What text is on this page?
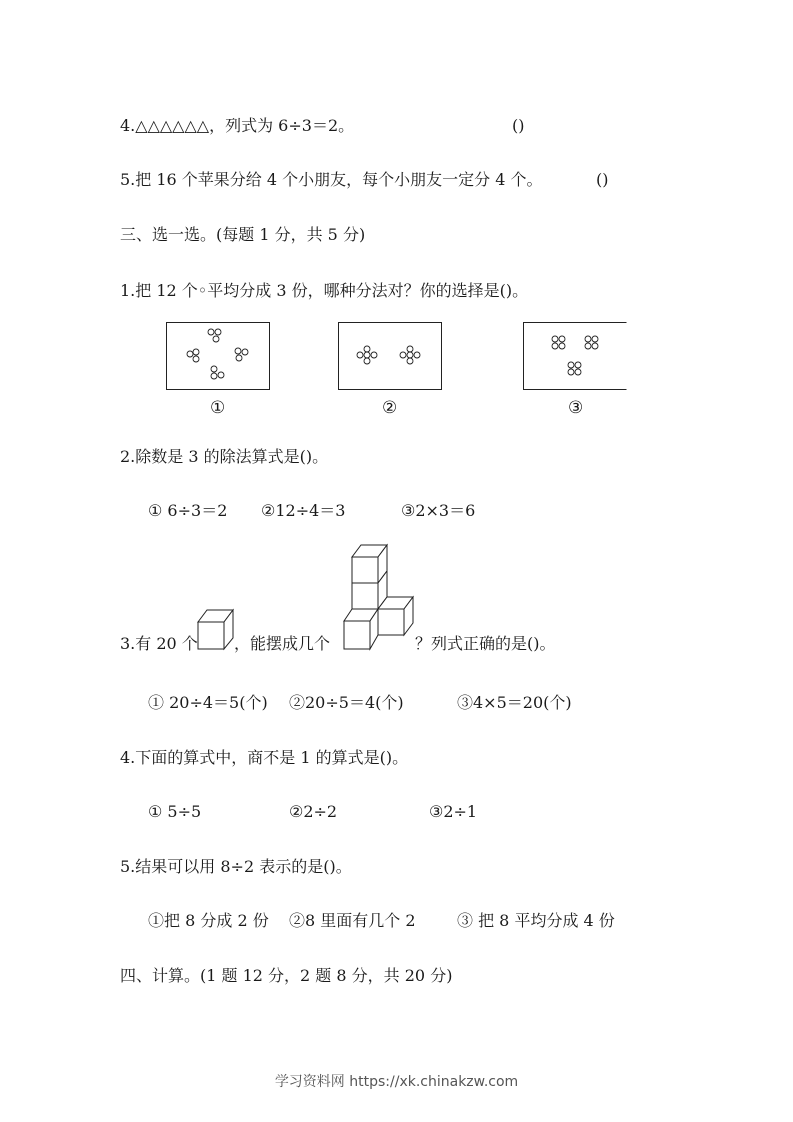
4.△△△△△△，列式为 6÷3＝2。	()
5.把 16 个苹果分给 4 个小朋友，每个小朋友一定分 4 个。	()
三、选一选。(每题 1 分，共 5 分)
1.把 12 个◦平均分成 3 份，哪种分法对？你的选择是()。
①	②	③
2.除数是 3 的除法算式是()。
① 6÷3＝2 ②12÷4＝3	③2×3＝6
3.有 20 个 ，能摆成几个	？列式正确的是()。
① 20÷4＝5(个) ②20÷5＝4(个)	③4×5＝20(个)
4.下面的算式中，商不是 1 的算式是()。
① 5÷5	②2÷2	③2÷1
5.结果可以用 8÷2 表示的是()。
①把 8 分成 2 份 ②8 里面有几个 2	③ 把 8 平均分成 4 份
四、计算。(1 题 12 分，2 题 8 分，共 20 分)
学习资料网 https://xk.chinakzw.com
